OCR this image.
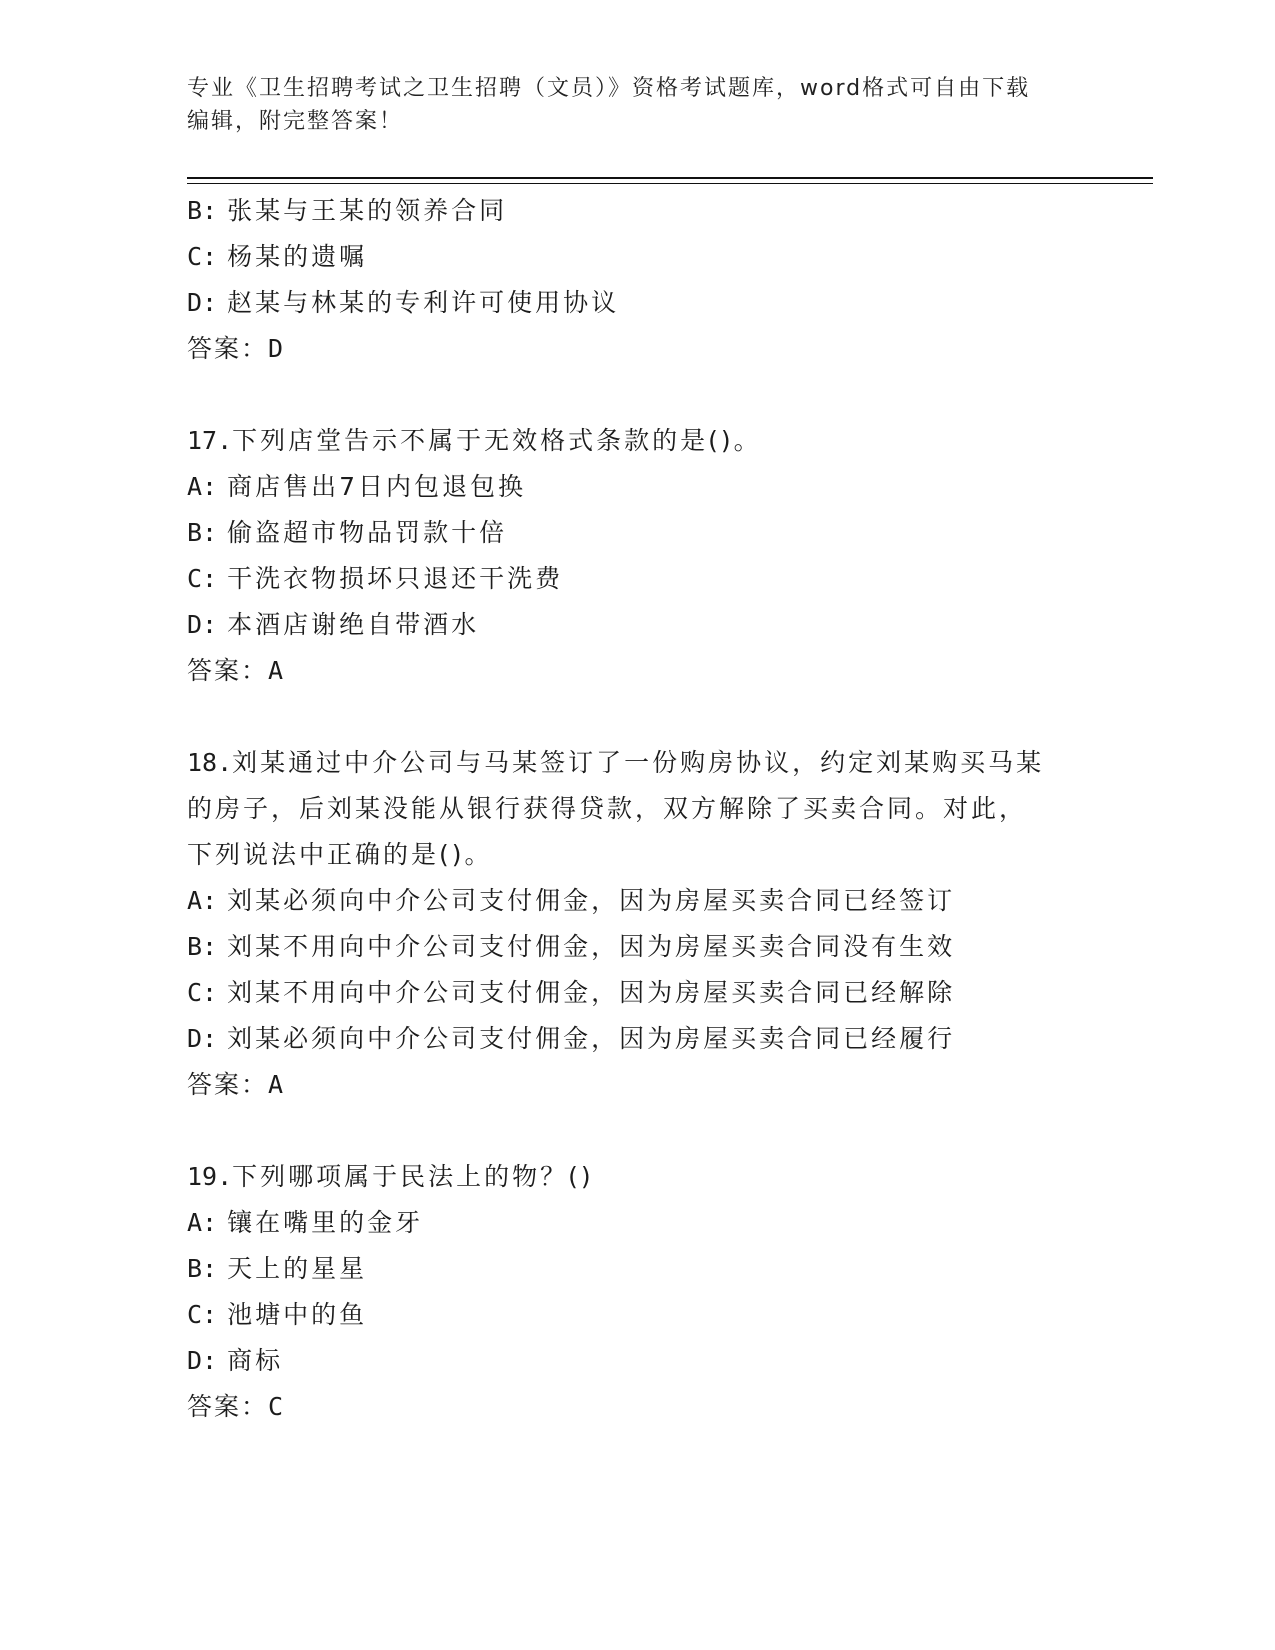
专业《卫生招聘考试之卫生招聘（文员）》资格考试题库，word格式可自由下载
编辑，附完整答案！
B: 张某与王某的领养合同
C: 杨某的遗嘱
D: 赵某与林某的专利许可使用协议
答案：D
17.下列店堂告示不属于无效格式条款的是()。
A: 商店售出7日内包退包换
B: 偷盗超市物品罚款十倍
C: 干洗衣物损坏只退还干洗费
D: 本酒店谢绝自带酒水
答案：A
18.刘某通过中介公司与马某签订了一份购房协议，约定刘某购买马某
的房子，后刘某没能从银行获得贷款，双方解除了买卖合同。对此，
下列说法中正确的是()。
A: 刘某必须向中介公司支付佣金，因为房屋买卖合同已经签订
B: 刘某不用向中介公司支付佣金，因为房屋买卖合同没有生效
C: 刘某不用向中介公司支付佣金，因为房屋买卖合同已经解除
D: 刘某必须向中介公司支付佣金，因为房屋买卖合同已经履行
答案：A
19.下列哪项属于民法上的物？()
A: 镶在嘴里的金牙
B: 天上的星星
C: 池塘中的鱼
D: 商标
答案：C
